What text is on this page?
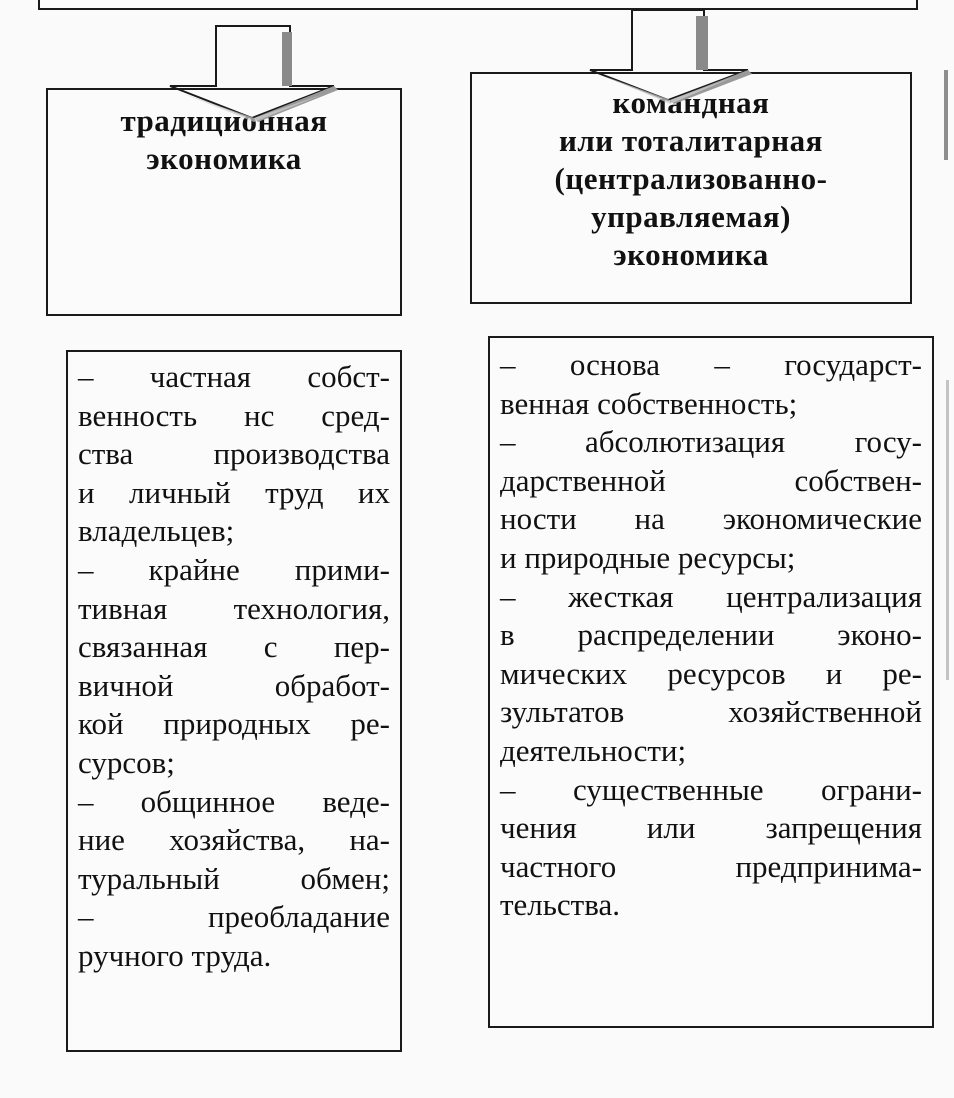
традиционная
экономика
командная
или тоталитарная
(централизованно-
управляемая)
экономика
– частная собст-
венность нс сред-
ства производства
и личный труд их
владельцев;
– крайне прими-
тивная технология,
связанная с пер-
вичной обработ-
кой природных ре-
сурсов;
– общинное веде-
ние хозяйства, на-
туральный обмен;
– преобладание
ручного труда.
– основа – государст-
венная собственность;
– абсолютизация госу-
дарственной собствен-
ности на экономические
и природные ресурсы;
– жесткая централизация
в распределении эконо-
мических ресурсов и ре-
зультатов хозяйственной
деятельности;
– существенные ограни-
чения или запрещения
частного предпринима-
тельства.
